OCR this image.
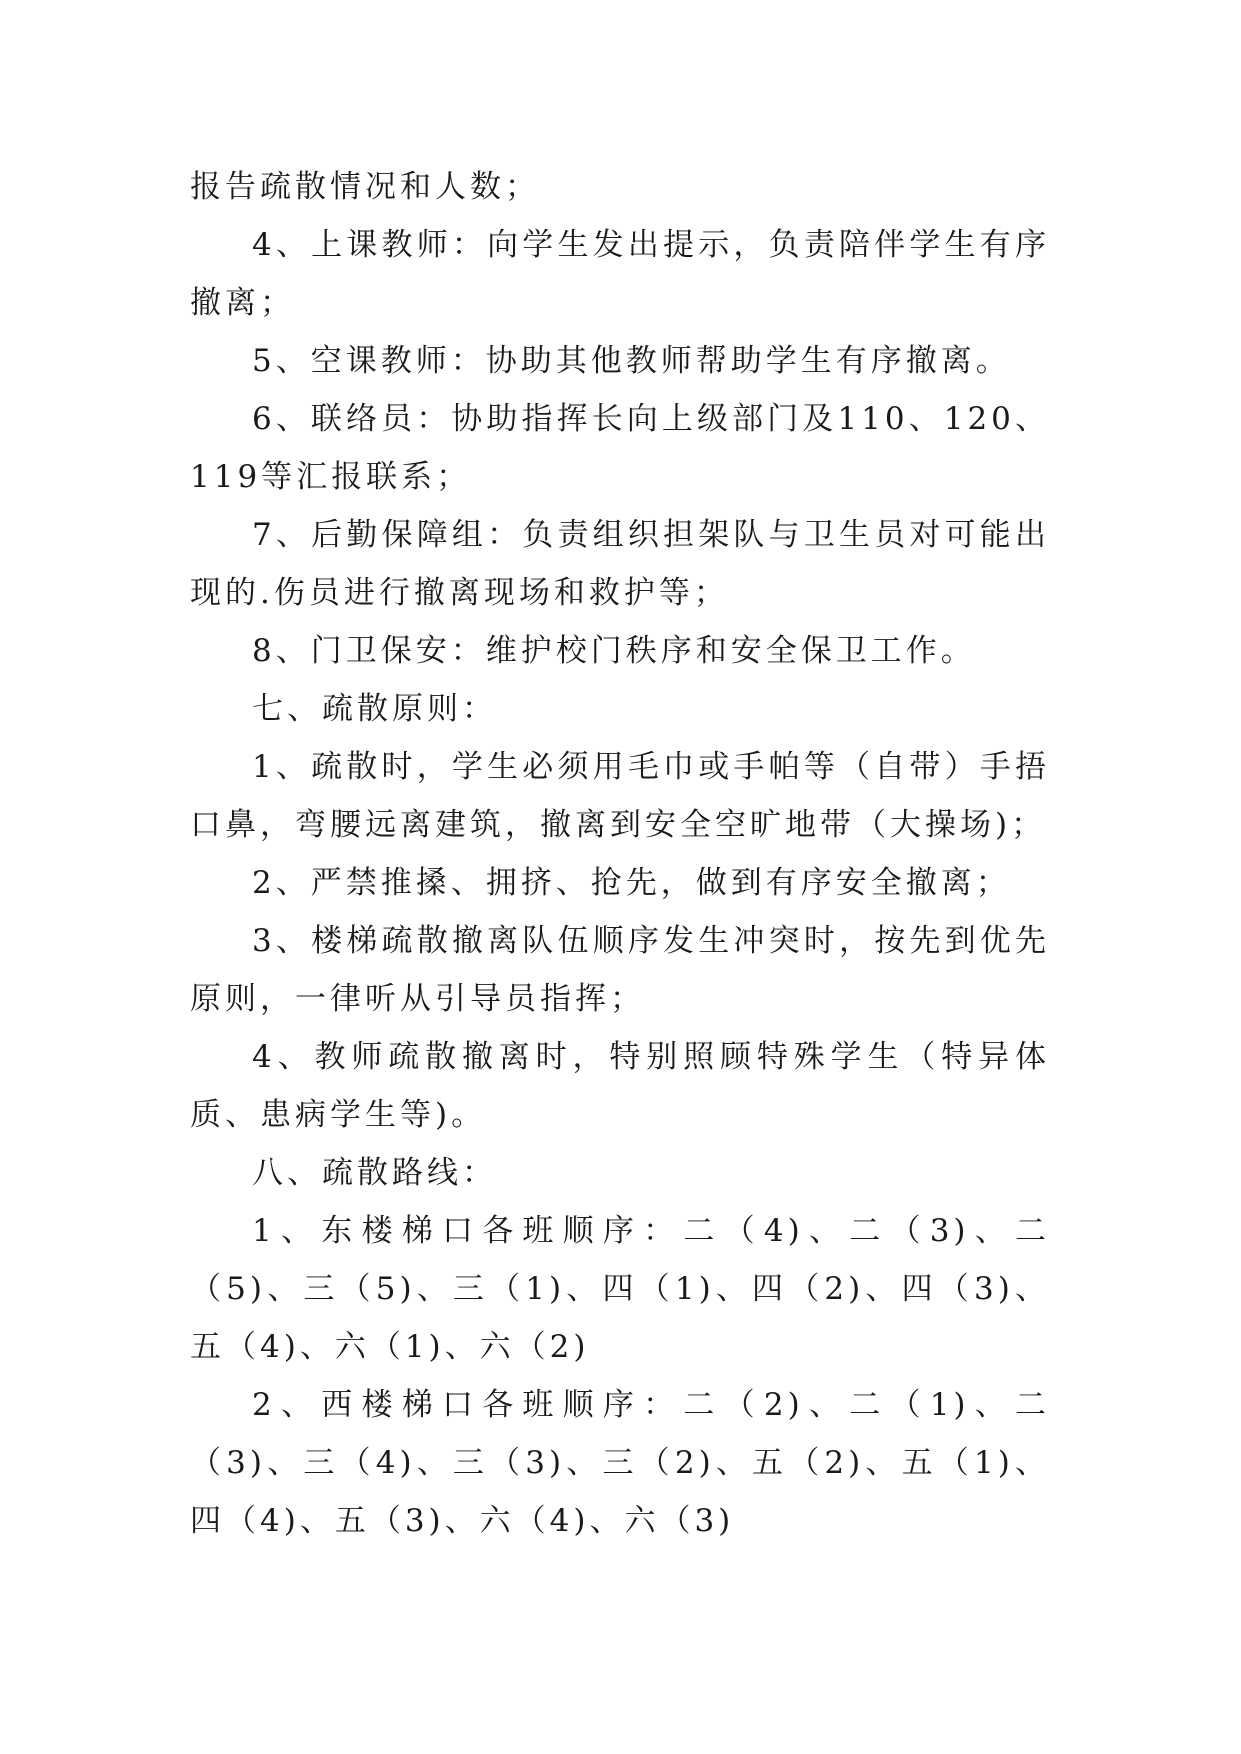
报告疏散情况和人数；

4、上课教师：向学生发出提示，负责陪伴学生有序撤离；

5、空课教师：协助其他教师帮助学生有序撤离。

6、联络员：协助指挥长向上级部门及110、120、119等汇报联系；

7、后勤保障组：负责组织担架队与卫生员对可能出现的.伤员进行撤离现场和救护等；

8、门卫保安：维护校门秩序和安全保卫工作。

七、疏散原则：

1、疏散时，学生必须用毛巾或手帕等（自带）手捂口鼻，弯腰远离建筑，撤离到安全空旷地带（大操场)；

2、严禁推搡、拥挤、抢先，做到有序安全撤离；

3、楼梯疏散撤离队伍顺序发生冲突时，按先到优先原则，一律听从引导员指挥；

4、教师疏散撤离时，特别照顾特殊学生（特异体质、患病学生等)。

八、疏散路线：

1、东楼梯口各班顺序：二（4)、二（3)、二（5)、三（5)、三（1)、四（1)、四（2)、四（3)、五（4)、六（1)、六（2)

2、西楼梯口各班顺序：二（2)、二（1)、二（3)、三（4)、三（3)、三（2)、五（2)、五（1)、四（4)、五（3)、六（4)、六（3)
